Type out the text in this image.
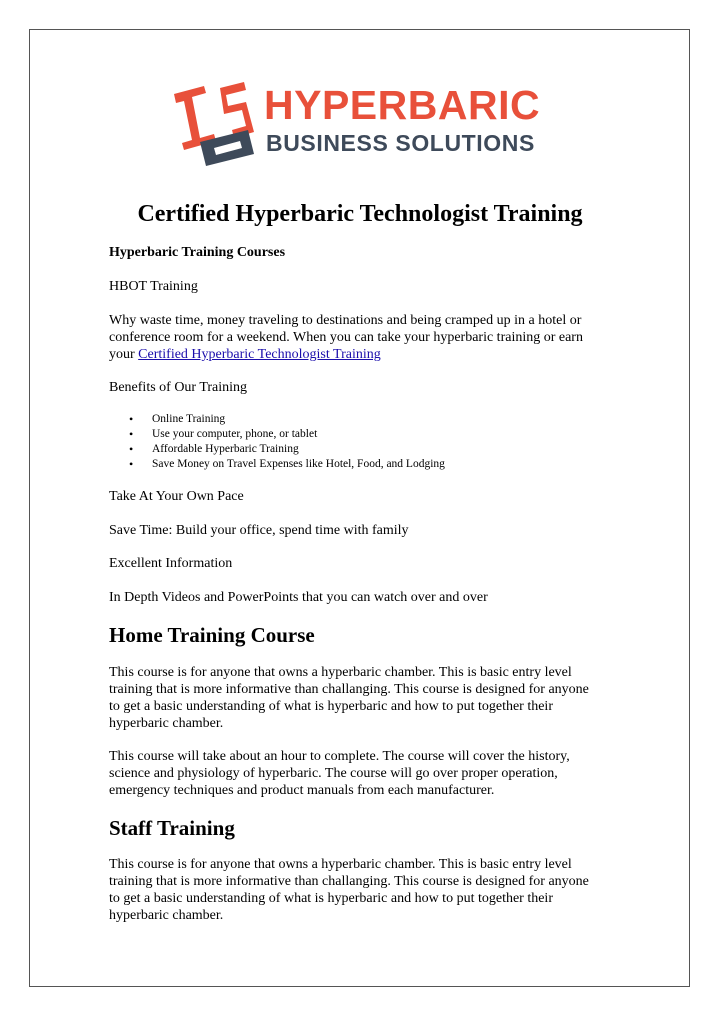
HYPERBARIC
BUSINESS SOLUTIONS
Certified Hyperbaric Technologist Training

Hyperbaric Training Courses

HBOT Training

Why waste time, money traveling to destinations and being cramped up in a hotel or

conference room for a weekend. When you can take your hyperbaric training or earn

your Certified Hyperbaric Technologist Training

Benefits of Our Training

• Online Training
• Use your computer, phone, or tablet
• Affordable Hyperbaric Training
• Save Money on Travel Expenses like Hotel, Food, and Lodging

Take At Your Own Pace

Save Time: Build your office, spend time with family

Excellent Information

In Depth Videos and PowerPoints that you can watch over and over

Home Training Course

This course is for anyone that owns a hyperbaric chamber. This is basic entry level

training that is more informative than challanging. This course is designed for anyone

to get a basic understanding of what is hyperbaric and how to put together their

hyperbaric chamber.

This course will take about an hour to complete. The course will cover the history,

science and physiology of hyperbaric. The course will go over proper operation,

emergency techniques and product manuals from each manufacturer.

Staff Training

This course is for anyone that owns a hyperbaric chamber. This is basic entry level

training that is more informative than challanging. This course is designed for anyone

to get a basic understanding of what is hyperbaric and how to put together their

hyperbaric chamber.
